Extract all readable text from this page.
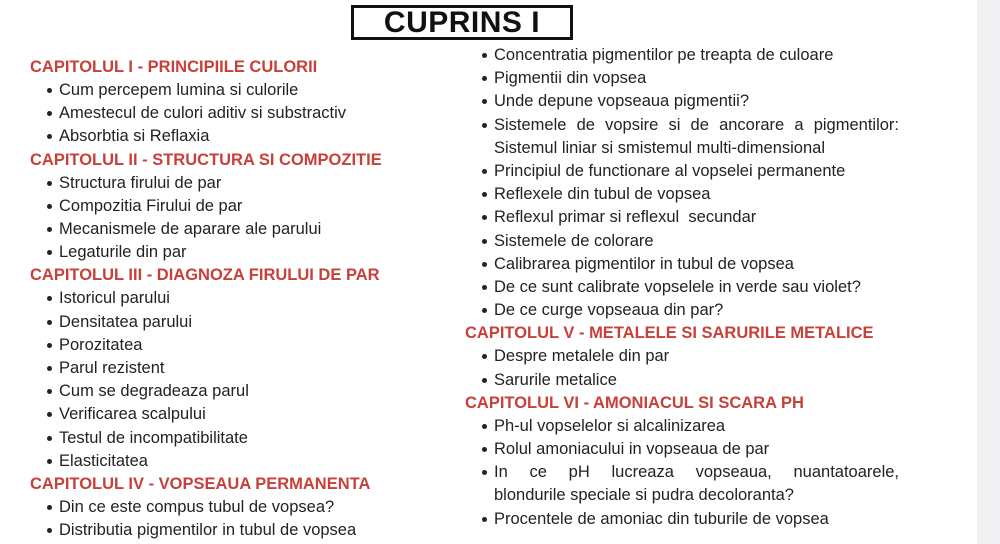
CUPRINS I
CAPITOLUL I - PRINCIPIILE CULORII
Cum percepem lumina si culorile
Amestecul de culori aditiv si substractiv
Absorbtia si Reflaxia
CAPITOLUL II - STRUCTURA SI COMPOZITIE
Structura firului de par
Compozitia Firului de par
Mecanismele de aparare ale parului
Legaturile din par
CAPITOLUL III - DIAGNOZA FIRULUI DE PAR
Istoricul parului
Densitatea parului
Porozitatea
Parul rezistent
Cum se degradeaza parul
Verificarea scalpului
Testul de incompatibilitate
Elasticitatea
CAPITOLUL IV - VOPSEAUA PERMANENTA
Din ce este compus tubul de vopsea?
Distributia pigmentilor in tubul de vopsea
Concentratia pigmentilor pe treapta de culoare
Pigmentii din vopsea
Unde depune vopseaua pigmentii?
Sistemele de vopsire si de ancorare a pigmentilor:
Sistemul liniar si smistemul multi-dimensional
Principiul de functionare al vopselei permanente
Reflexele din tubul de vopsea
Reflexul primar si reflexul  secundar
Sistemele de colorare
Calibrarea pigmentilor in tubul de vopsea
De ce sunt calibrate vopselele in verde sau violet?
De ce curge vopseaua din par?
CAPITOLUL V - METALELE SI SARURILE METALICE
Despre metalele din par
Sarurile metalice
CAPITOLUL VI - AMONIACUL SI SCARA PH
Ph-ul vopselelor si alcalinizarea
Rolul amoniacului in vopseaua de par
In ce pH lucreaza vopseaua, nuantatoarele,
blondurile speciale si pudra decoloranta?
Procentele de amoniac din tuburile de vopsea
